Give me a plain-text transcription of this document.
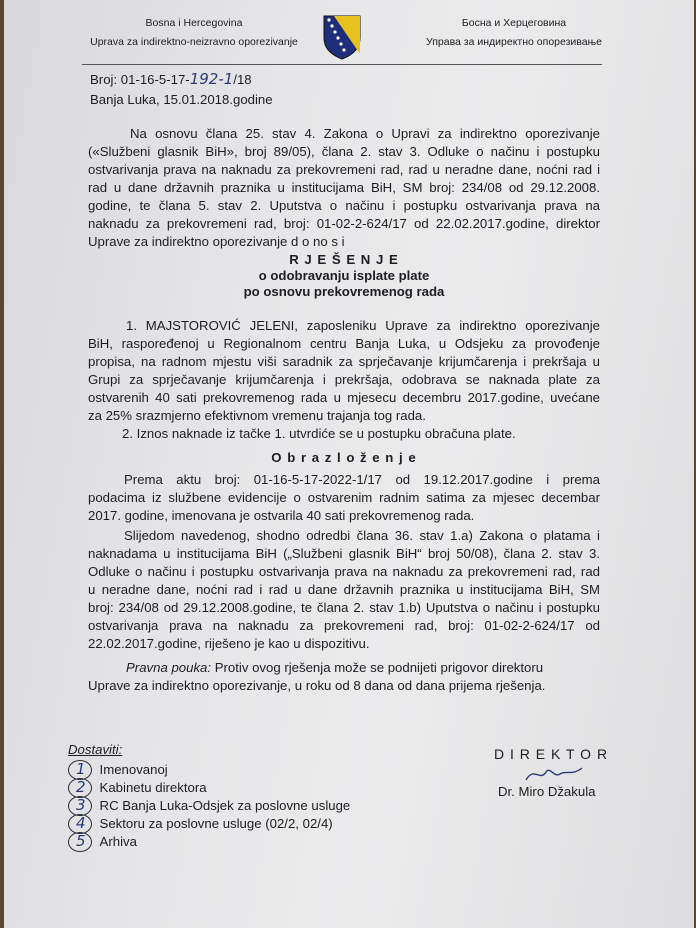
Bosna i Hercegovina
Uprava za indirektno-neizravno oporezivanje
Босна и Херцеговина
Управа за индиректно опорезивање
Broj: 01-16-5-17-192-1/18
Banja Luka, 15.01.2018.godine
Na osnovu člana 25. stav 4. Zakona o Upravi za indirektno oporezivanje
(«Službeni glasnik BiH», broj 89/05), člana 2. stav 3. Odluke o načinu i postupku
ostvarivanja prava na naknadu za prekovremeni rad, rad u neradne dane, noćni rad i
rad u dane državnih praznika u institucijama BiH, SM broj: 234/08 od 29.12.2008.
godine, te člana 5. stav 2. Uputstva o načinu i postupku ostvarivanja prava na
naknadu za prekovremeni rad, broj: 01-02-2-624/17 od 22.02.2017.godine, direktor
Uprave za indirektno oporezivanje d o no s i
R J E Š E N J E
o odobravanju isplate plate
po osnovu prekovremenog rada
1. MAJSTOROVIĆ JELENI, zaposleniku Uprave za indirektno oporezivanje
BiH, raspoređenoj u Regionalnom centru Banja Luka, u Odsjeku za provođenje
propisa, na radnom mjestu viši saradnik za sprječavanje krijumčarenja i prekršaja u
Grupi za sprječavanje krijumčarenja i prekršaja, odobrava se naknada plate za
ostvarenih 40 sati prekovremenog rada u mjesecu decembru 2017.godine, uvećane
za 25% srazmjerno efektivnom vremenu trajanja tog rada.
2. Iznos naknade iz tačke 1. utvrdiće se u postupku obračuna plate.
O b r a z l o ž e n j e
Prema aktu broj: 01-16-5-17-2022-1/17 od 19.12.2017.godine i prema
podacima iz službene evidencije o ostvarenim radnim satima za mjesec decembar
2017. godine, imenovana je ostvarila 40 sati prekovremenog rada.
Slijedom navedenog, shodno odredbi člana 36. stav 1.a) Zakona o platama i
naknadama u institucijama BiH („Službeni glasnik BiH“ broj 50/08), člana 2. stav 3.
Odluke o načinu i postupku ostvarivanja prava na naknadu za prekovremeni rad, rad
u neradne dane, noćni rad i rad u dane državnih praznika u institucijama BiH, SM
broj: 234/08 od 29.12.2008.godine, te člana 2. stav 1.b) Uputstva o načinu i postupku
ostvarivanja prava na naknadu za prekovremeni rad, broj: 01-02-2-624/17 od
22.02.2017.godine, riješeno je kao u dispozitivu.
Pravna pouka: Protiv ovog rješenja može se podnijeti prigovor direktoru
Uprave za indirektno oporezivanje, u roku od 8 dana od dana prijema rješenja.
Dostaviti:
1 Imenovanoj
2 Kabinetu direktora
3 RC Banja Luka-Odsjek za poslovne usluge
4 Sektoru za poslovne usluge (02/2, 02/4)
5 Arhiva
D I R E K T O R
Dr. Miro Džakula
